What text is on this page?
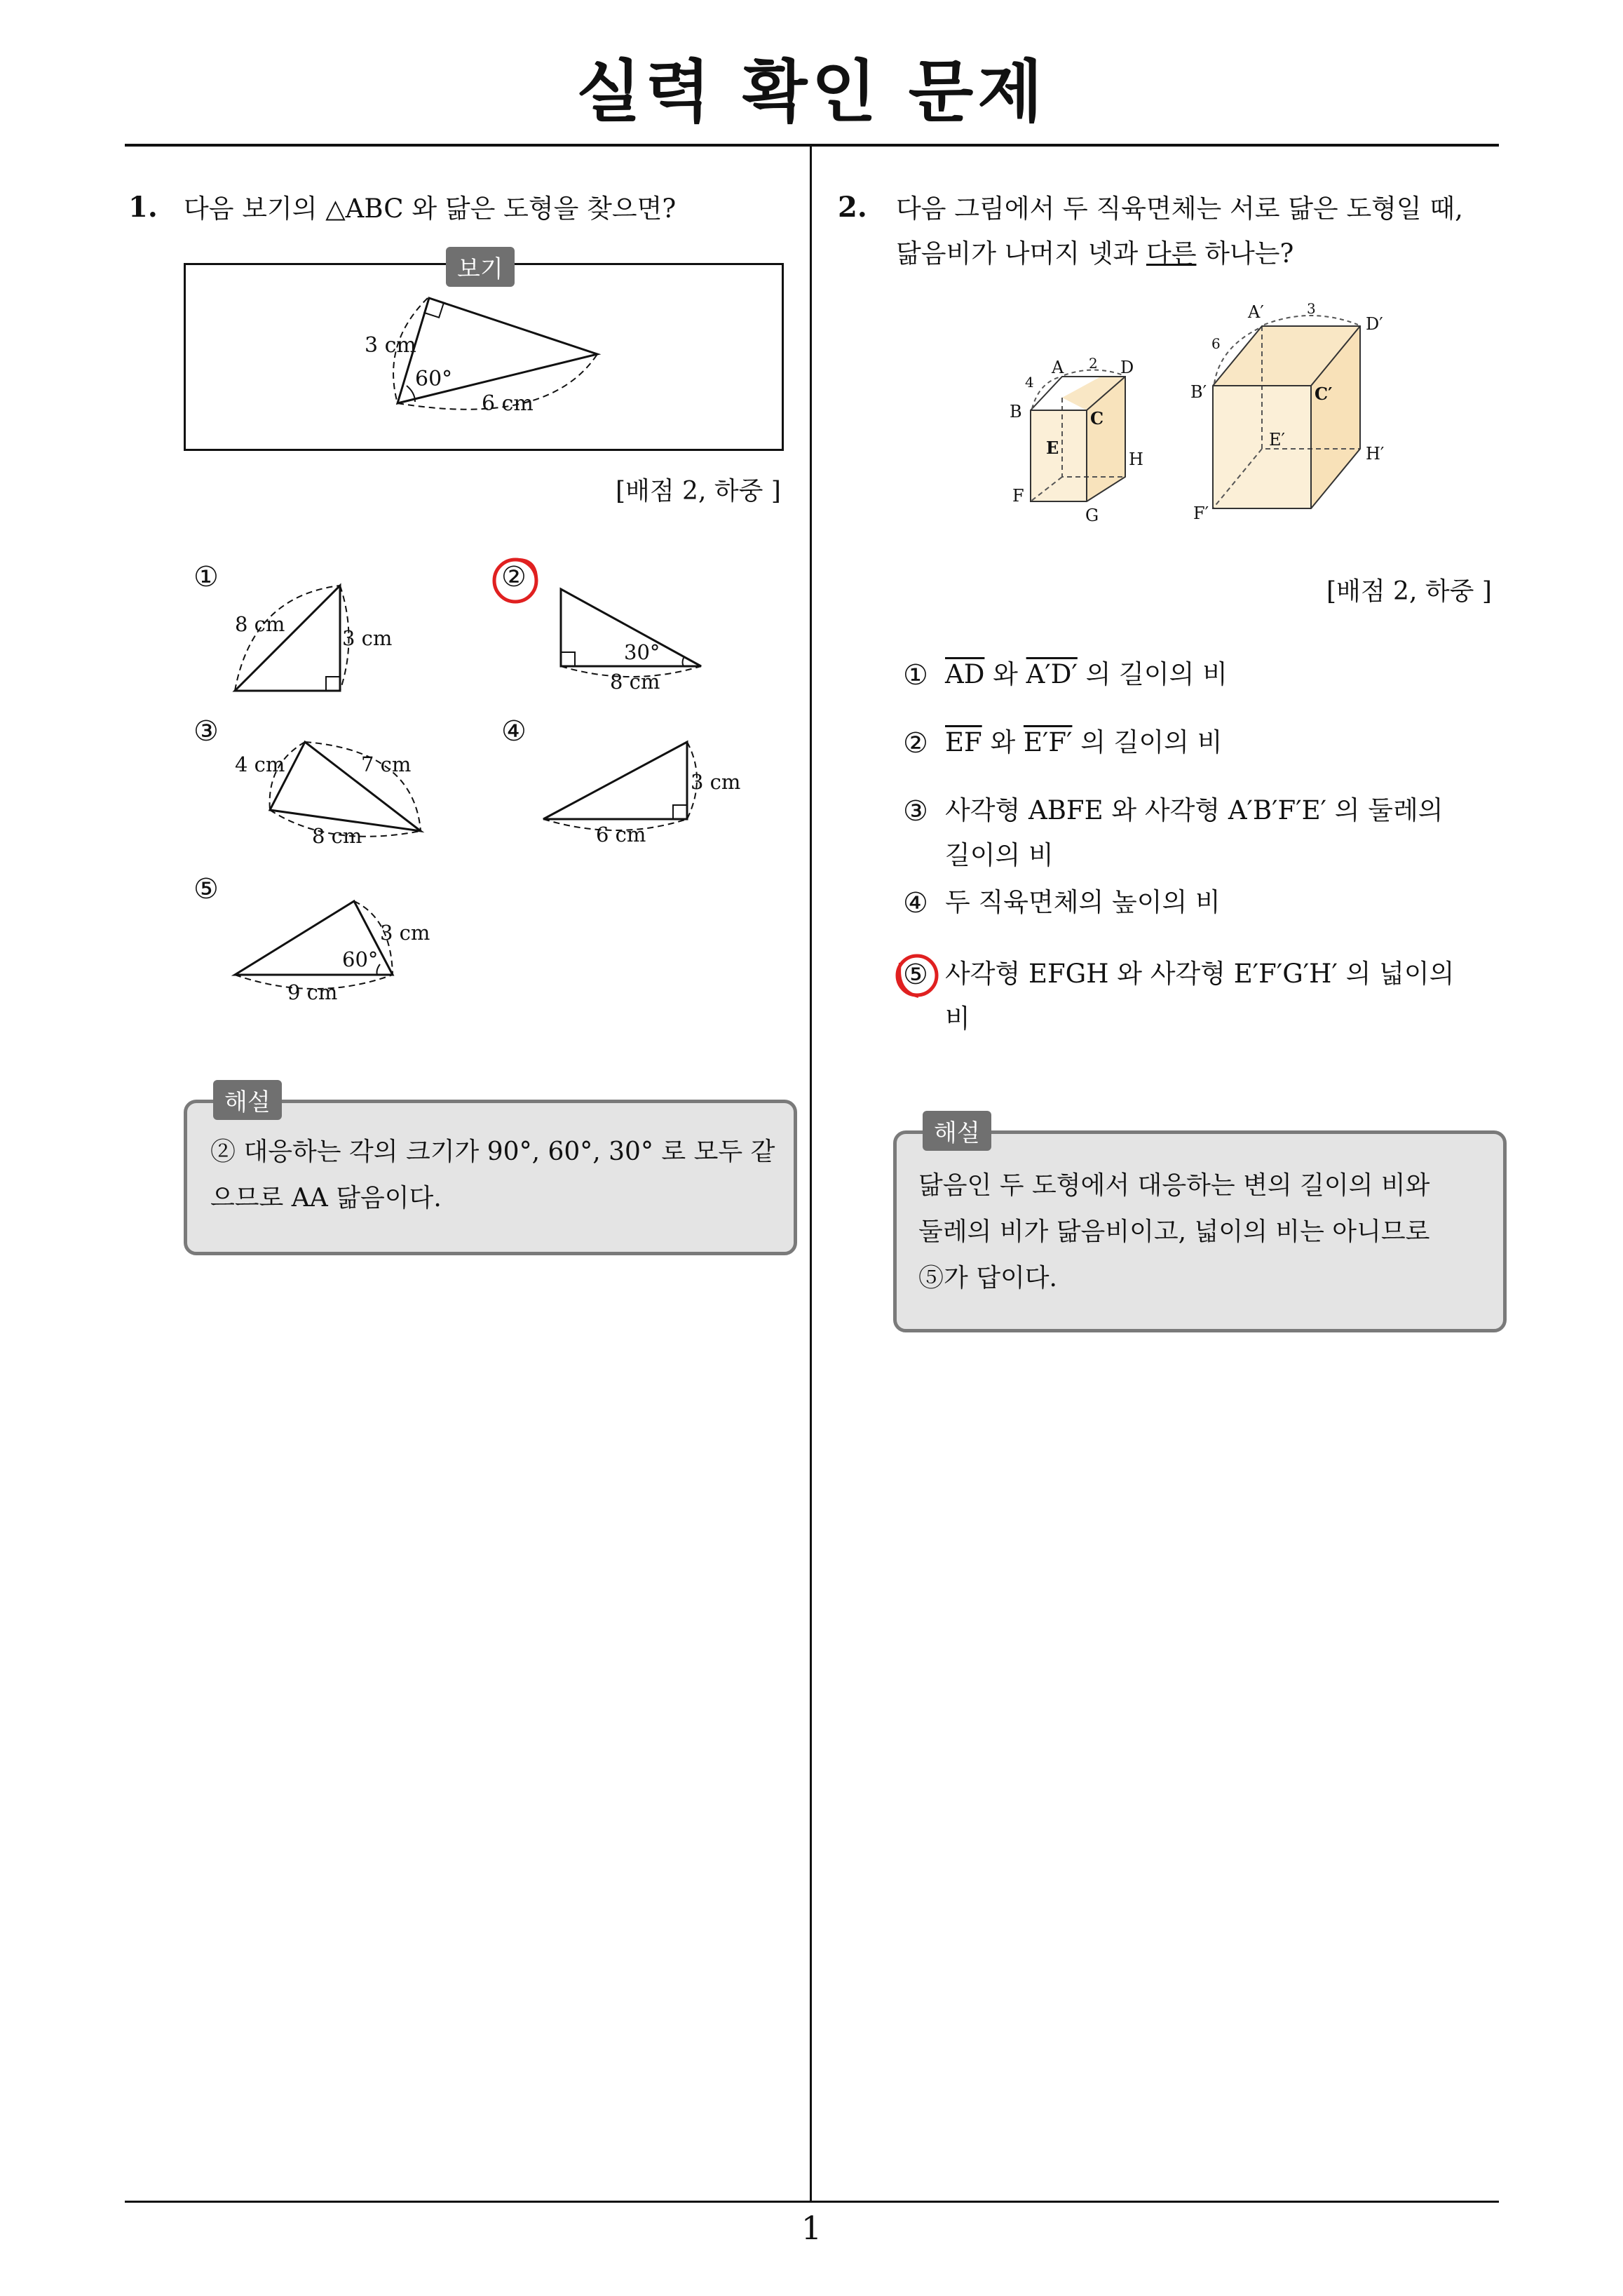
실력 확인 문제
1
1. 다음 보기의 △ABC 와 닮은 도형을 찾으면?
보기
3 cm
60°
6 cm
[배점 2, 하중 ]
①
8 cm
3 cm
②
30°
8 cm
③
4 cm	7 cm
8 cm
④
3 cm
6 cm
⑤
3 cm
60°
9 cm
해설
② 대응하는 각의 크기가 90°, 60°, 30° 로 모두 같
으므로 AA 닮음이다.
2. 다음 그림에서 두 직육면체는 서로 닮은 도형일 때,
닮음비가 나머지 넷과 다른 하나는?
A 2 D
4
B	C
E
H
F
G
A′	3
D′
6
B′	C′
E′
H′
F′
[배점 2, 하중 ]
① $\overline{AD}$ 와 A′D′ 의 길이의 비
② $\overline{EF}$ 와 E′F′ 의 길이의 비
③ 사각형 ABFE 와 사각형 A′B′F′E′ 의 둘레의
길이의 비
④ 두 직육면체의 높이의 비
⑤ 사각형 EFGH 와 사각형 E′F′G′H′ 의 넓이의
비
해설
닮음인 두 도형에서 대응하는 변의 길이의 비와
둘레의 비가 닮음비이고, 넓이의 비는 아니므로
⑤가 답이다.
